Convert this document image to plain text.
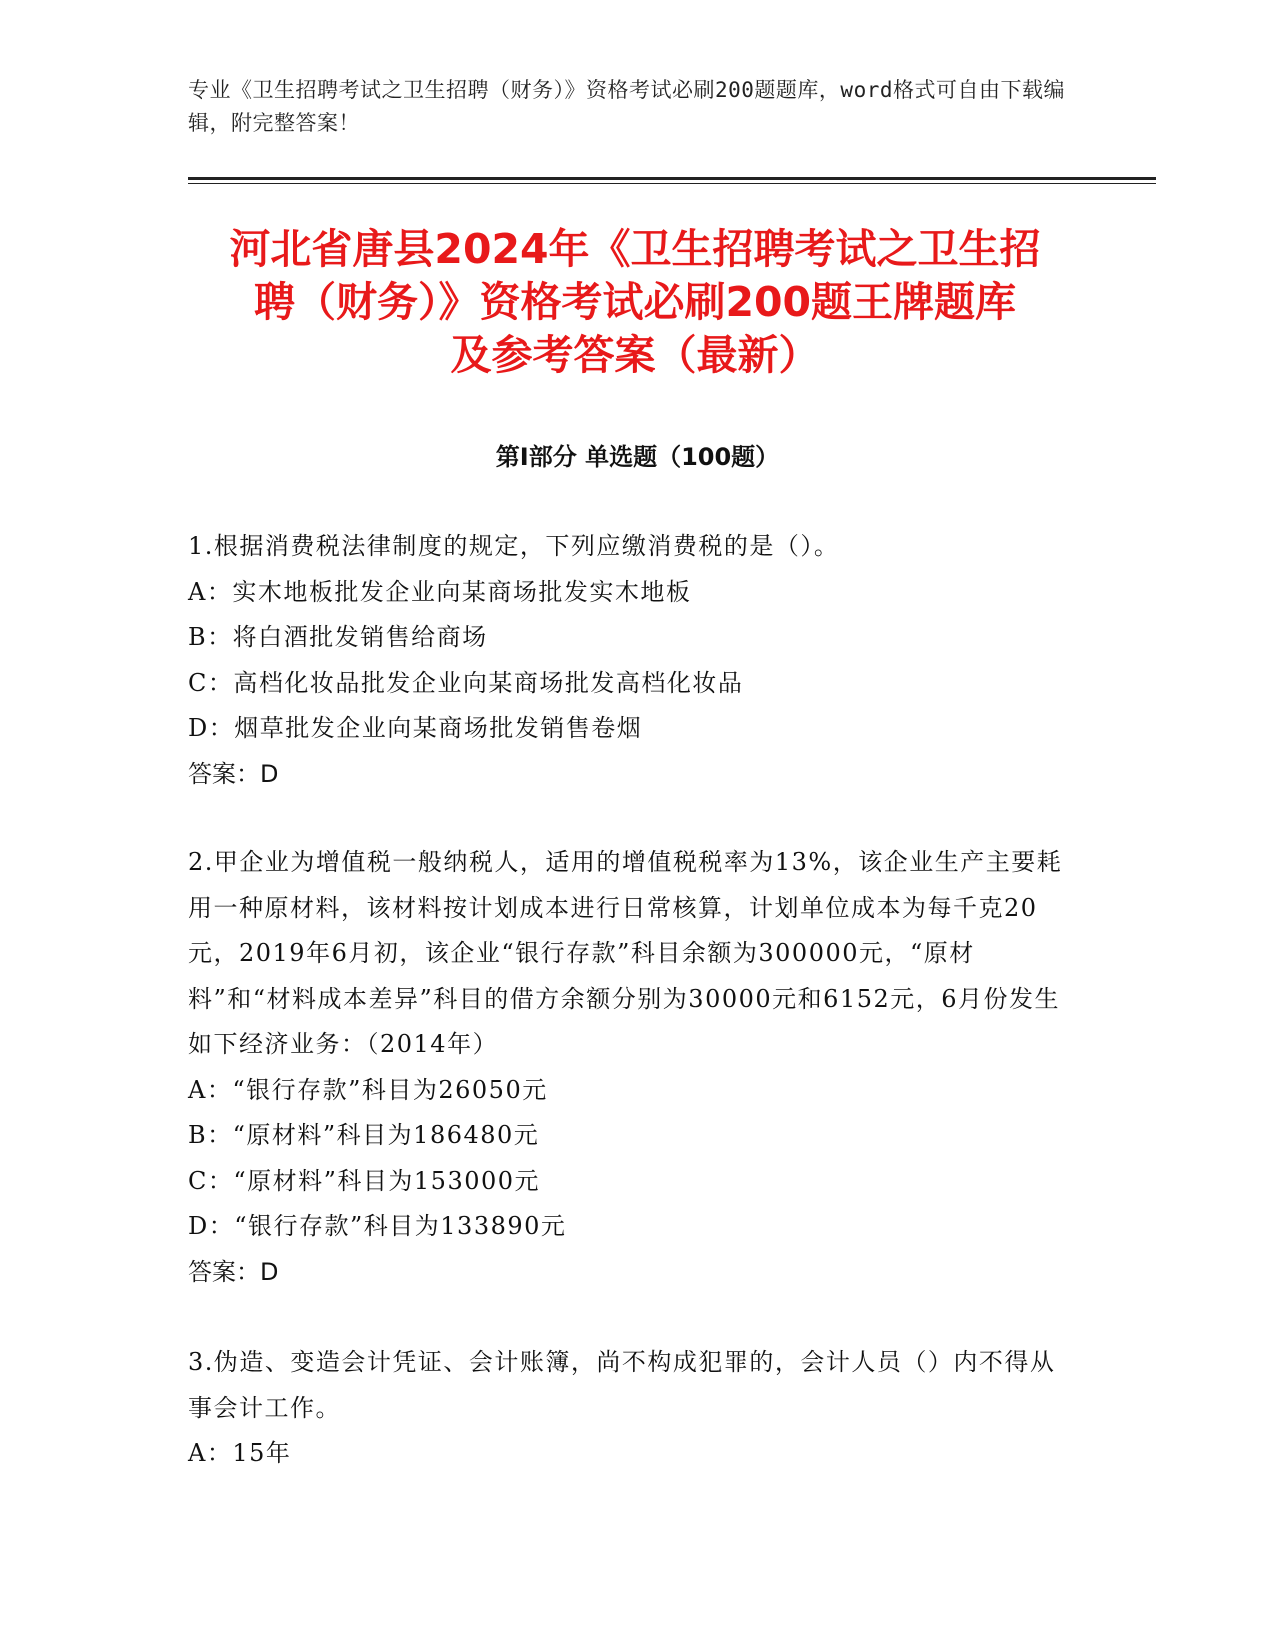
专业《卫生招聘考试之卫生招聘（财务）》资格考试必刷200题题库，word格式可自由下载编辑，附完整答案！
河北省唐县2024年《卫生招聘考试之卫生招
聘（财务）》资格考试必刷200题王牌题库
及参考答案（最新）
第Ⅰ部分 单选题（100题）
1.根据消费税法律制度的规定，下列应缴消费税的是（）。
A：实木地板批发企业向某商场批发实木地板
B：将白酒批发销售给商场
C：高档化妆品批发企业向某商场批发高档化妆品
D：烟草批发企业向某商场批发销售卷烟
答案：D
2.甲企业为增值税一般纳税人，适用的增值税税率为13%，该企业生产主要耗用一种原材料，该材料按计划成本进行日常核算，计划单位成本为每千克20元，2019年6月初，该企业“银行存款”科目余额为300000元，“原材料”和“材料成本差异”科目的借方余额分别为30000元和6152元，6月份发生如下经济业务：（2014年）
A：“银行存款”科目为26050元
B：“原材料”科目为186480元
C：“原材料”科目为153000元
D：“银行存款”科目为133890元
答案：D
3.伪造、变造会计凭证、会计账簿，尚不构成犯罪的，会计人员（）内不得从事会计工作。
A：15年
